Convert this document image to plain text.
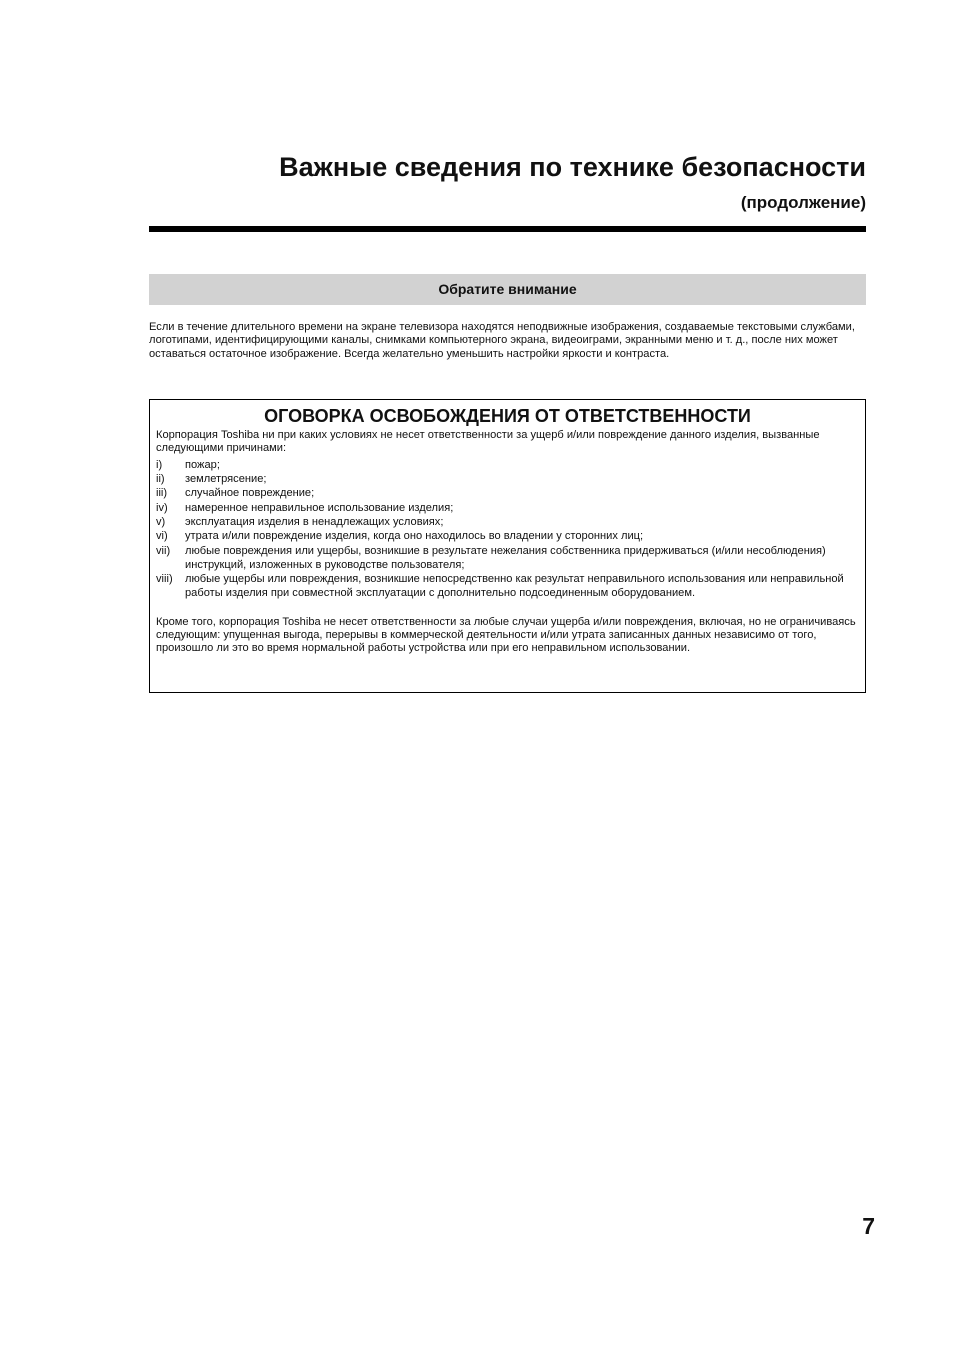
Важные сведения по технике безопасности
(продолжение)
Обратите внимание

Если в течение длительного времени на экране телевизора находятся неподвижные изображения, создаваемые текстовыми службами, логотипами, идентифицирующими каналы, снимками компьютерного экрана, видеоиграми, экранными меню и т. д., после них может оставаться остаточное изображение. Всегда желательно уменьшить настройки яркости и контраста.

ОГОВОРКА ОСВОБОЖДЕНИЯ ОТ ОТВЕТСТВЕННОСТИ

Корпорация Toshiba ни при каких условиях не несет ответственности за ущерб и/или повреждение данного изделия, вызванные следующими причинами:

i)	пожар;
ii)	землетрясение;
iii)	случайное повреждение;
iv)	намеренное неправильное использование изделия;
v)	эксплуатация изделия в ненадлежащих условиях;
vi)	утрата и/или повреждение изделия, когда оно находилось во владении у сторонних лиц;
vii)	любые повреждения или ущербы, возникшие в результате нежелания собственника придерживаться (и/или несоблюдения) инструкций, изложенных в руководстве пользователя;
viii)	любые ущербы или повреждения, возникшие непосредственно как результат неправильного использования или неправильной работы изделия при совместной эксплуатации с дополнительно подсоединенным оборудованием.

Кроме того, корпорация Toshiba не несет ответственности за любые случаи ущерба и/или повреждения, включая, но не ограничиваясь следующим: упущенная выгода, перерывы в коммерческой деятельности и/или утрата записанных данных независимо от того, произошло ли это во время нормальной работы устройства или при его неправильном использовании.

7
